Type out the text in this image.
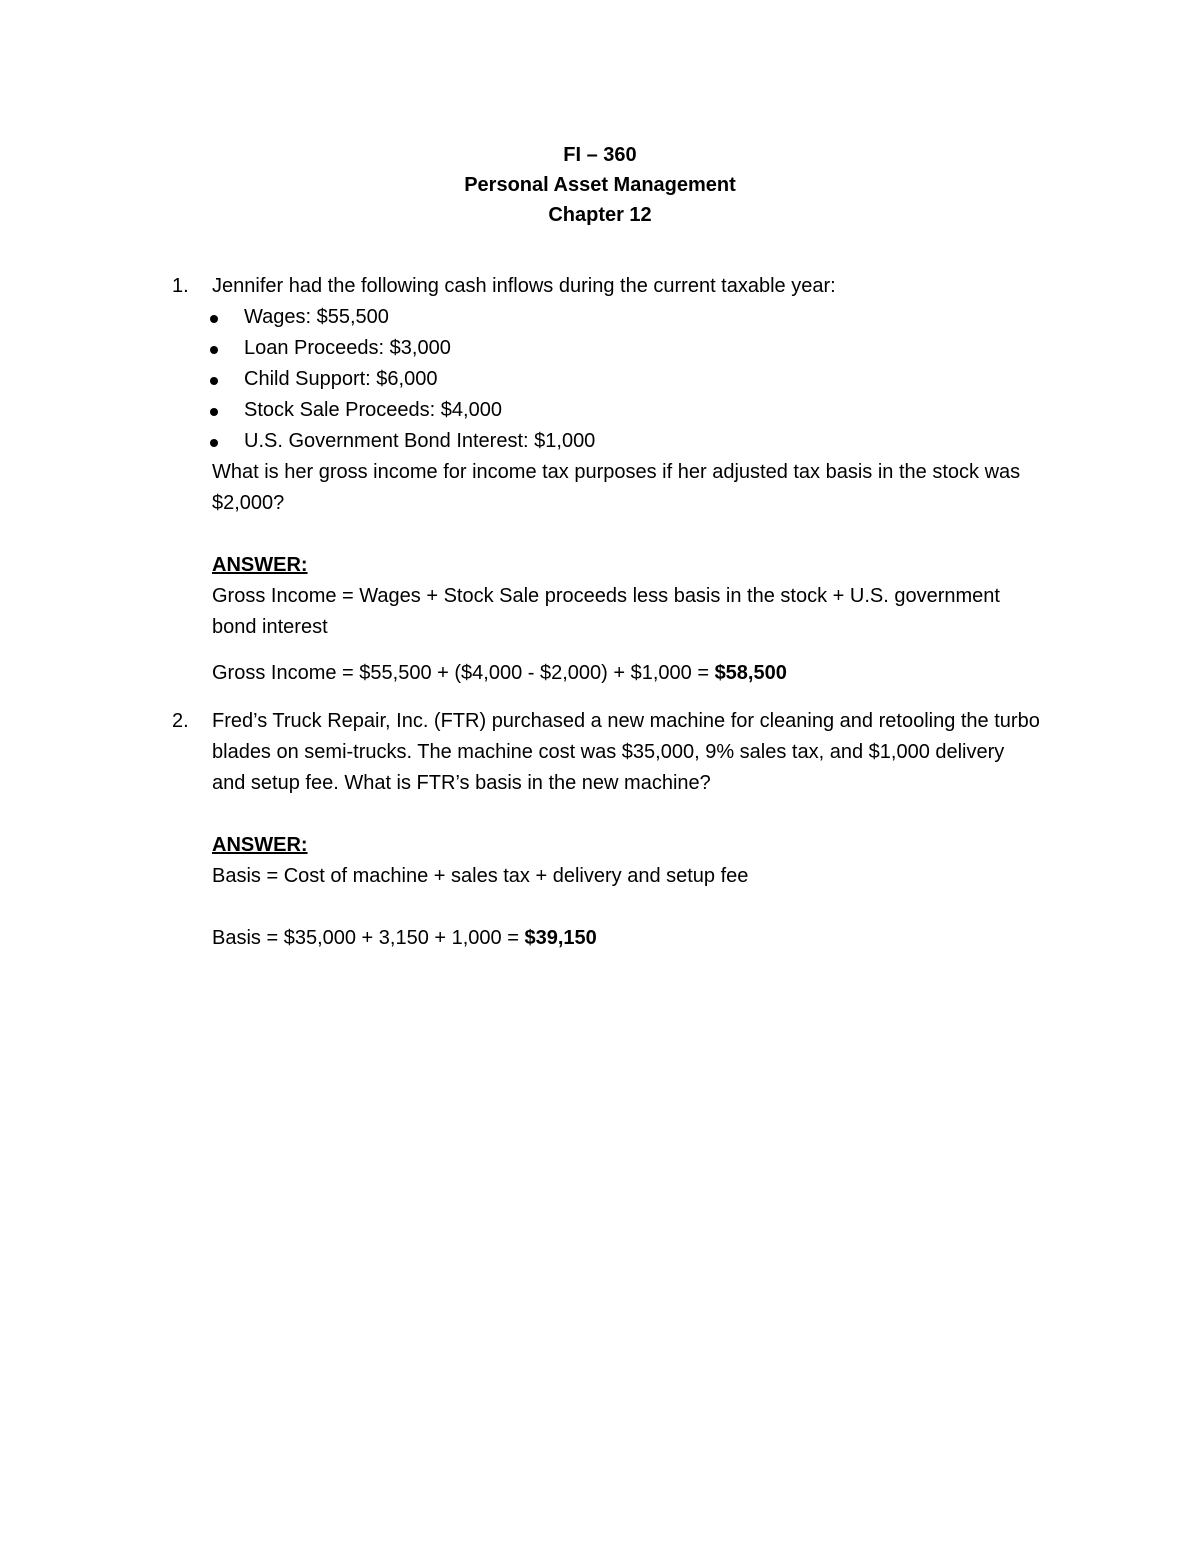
FI – 360
Personal Asset Management
Chapter 12
1. Jennifer had the following cash inflows during the current taxable year:
Wages: $55,500
Loan Proceeds: $3,000
Child Support: $6,000
Stock Sale Proceeds: $4,000
U.S. Government Bond Interest: $1,000
What is her gross income for income tax purposes if her adjusted tax basis in the stock was $2,000?
ANSWER:
Gross Income = Wages + Stock Sale proceeds less basis in the stock + U.S. government bond interest
Gross Income = $55,500 + ($4,000 - $2,000) + $1,000 = $58,500
2. Fred’s Truck Repair, Inc. (FTR) purchased a new machine for cleaning and retooling the turbo blades on semi-trucks. The machine cost was $35,000, 9% sales tax, and $1,000 delivery and setup fee. What is FTR’s basis in the new machine?
ANSWER:
Basis = Cost of machine + sales tax + delivery and setup fee
Basis = $35,000 + 3,150 + 1,000 = $39,150
